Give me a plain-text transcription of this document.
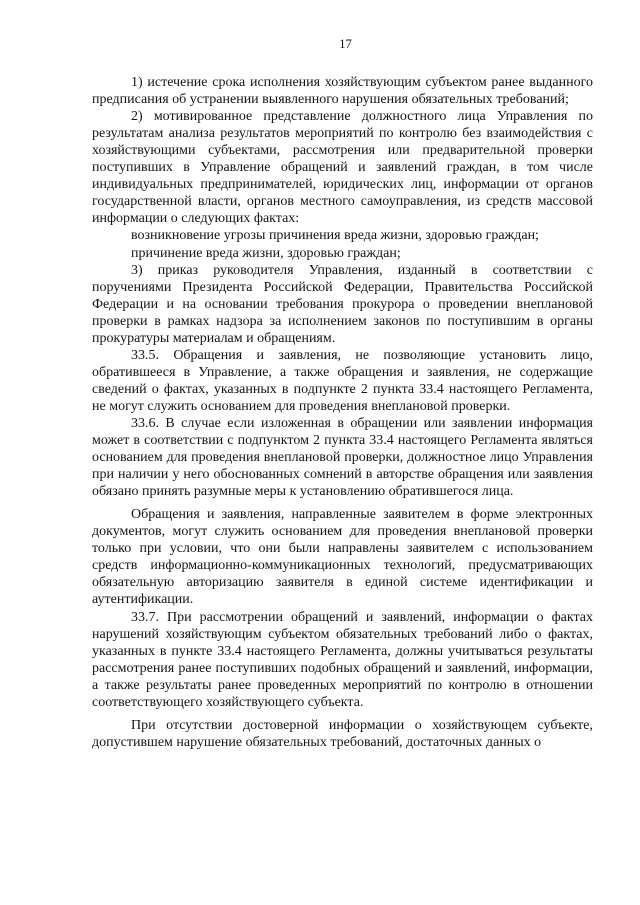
17

1) истечение срока исполнения хозяйствующим субъектом ранее выданного предписания об устранении выявленного нарушения обязательных требований;

2) мотивированное представление должностного лица Управления по результатам анализа результатов мероприятий по контролю без взаимодействия с хозяйствующими субъектами, рассмотрения или предварительной проверки поступивших в Управление обращений и заявлений граждан, в том числе индивидуальных предпринимателей, юридических лиц, информации от органов государственной власти, органов местного самоуправления, из средств массовой информации о следующих фактах:

возникновение угрозы причинения вреда жизни, здоровью граждан;

причинение вреда жизни, здоровью граждан;

3) приказ руководителя Управления, изданный в соответствии с поручениями Президента Российской Федерации, Правительства Российской Федерации и на основании требования прокурора о проведении внеплановой проверки в рамках надзора за исполнением законов по поступившим в органы прокуратуры материалам и обращениям.

33.5. Обращения и заявления, не позволяющие установить лицо, обратившееся в Управление, а также обращения и заявления, не содержащие сведений о фактах, указанных в подпункте 2 пункта 33.4 настоящего Регламента, не могут служить основанием для проведения внеплановой проверки.

33.6. В случае если изложенная в обращении или заявлении информация может в соответствии с подпунктом 2 пункта 33.4 настоящего Регламента являться основанием для проведения внеплановой проверки, должностное лицо Управления при наличии у него обоснованных сомнений в авторстве обращения или заявления обязано принять разумные меры к установлению обратившегося лица.

Обращения и заявления, направленные заявителем в форме электронных документов, могут служить основанием для проведения внеплановой проверки только при условии, что они были направлены заявителем с использованием средств информационно-коммуникационных технологий, предусматривающих обязательную авторизацию заявителя в единой системе идентификации и аутентификации.

33.7. При рассмотрении обращений и заявлений, информации о фактах нарушений хозяйствующим субъектом обязательных требований либо о фактах, указанных в пункте 33.4 настоящего Регламента, должны учитываться результаты рассмотрения ранее поступивших подобных обращений и заявлений, информации, а также результаты ранее проведенных мероприятий по контролю в отношении соответствующего хозяйствующего субъекта.

При отсутствии достоверной информации о хозяйствующем субъекте, допустившем нарушение обязательных требований, достаточных данных о
